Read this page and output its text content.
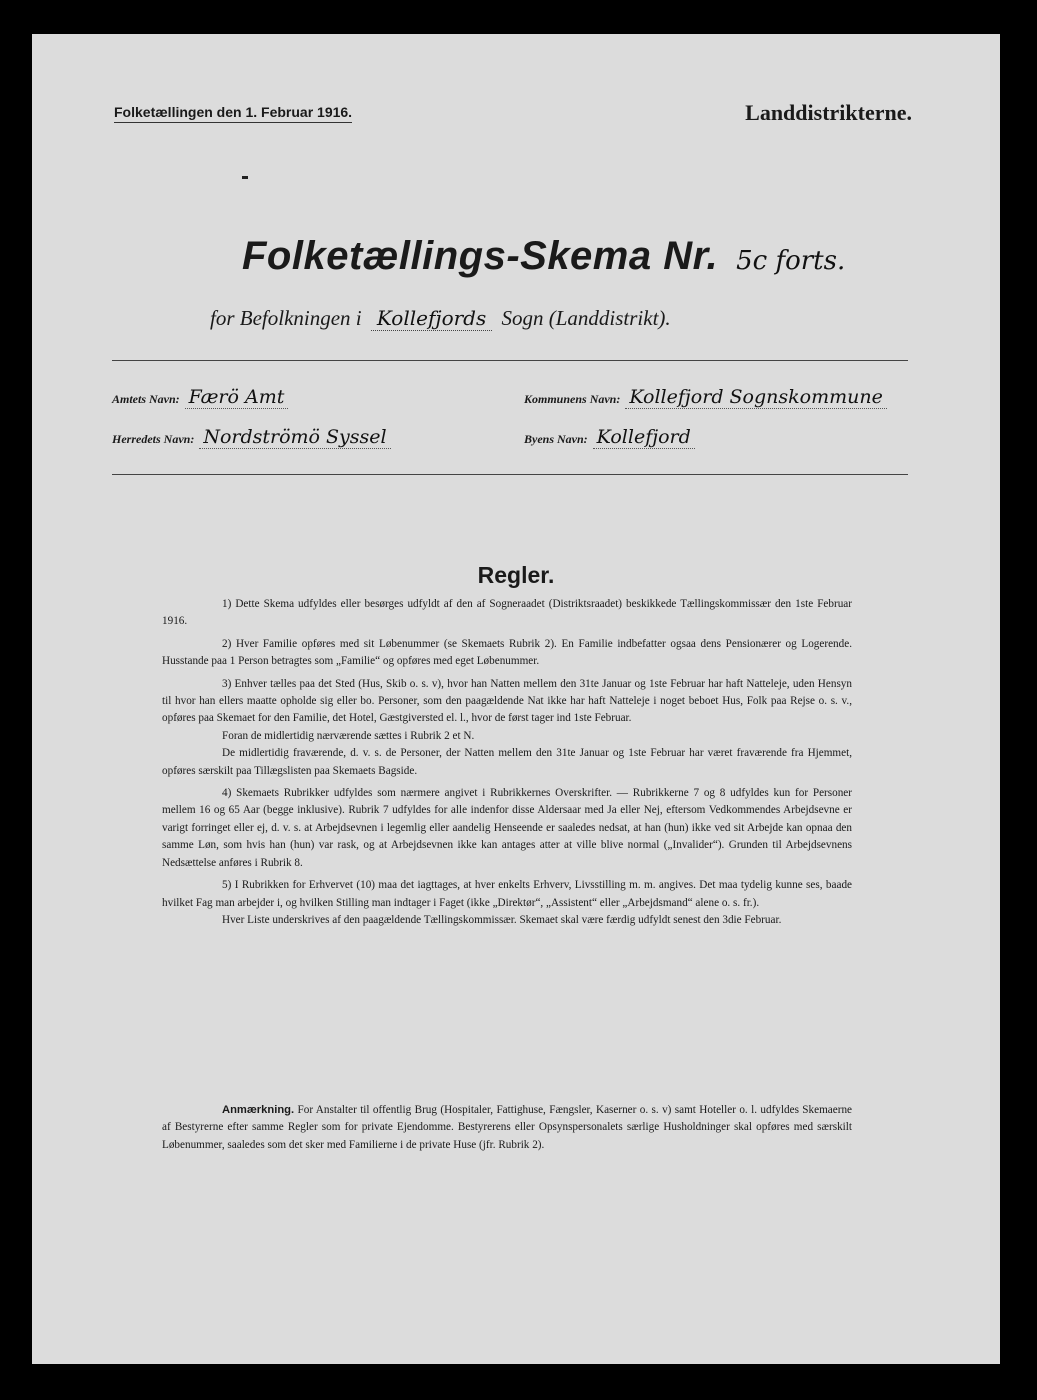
Folketællingen den 1. Februar 1916.	Landdistrikterne.
Folketællings-Skema Nr. 5c forts.
for Befolkningen i Kollefjords Sogn (Landdistrikt).
Amtets Navn: Færö Amt	Kommunens Navn: Kollefjord Sognskommune
Herredets Navn: Nordströmö Syssel	Byens Navn: Kollefjord
Regler.

1) Dette Skema udfyldes eller besørges udfyldt af den af Sogneraadet (Distriktsraadet) beskikkede Tællingskommissær den 1ste Februar 1916.

2) Hver Familie opføres med sit Løbenummer (se Skemaets Rubrik 2). En Familie indbefatter ogsaa dens Pensionærer og Logerende. Husstande paa 1 Person betragtes som „Familie“ og opføres med eget Løbenummer.

3) Enhver tælles paa det Sted (Hus, Skib o. s. v), hvor han Natten mellem den 31te Januar og 1ste Februar har haft Natteleje, uden Hensyn til hvor han ellers maatte opholde sig eller bo. Personer, som den paagældende Nat ikke har haft Natteleje i noget beboet Hus, Folk paa Rejse o. s. v., opføres paa Skemaet for den Familie, det Hotel, Gæstgiversted el. l., hvor de først tager ind 1ste Februar.

Foran de midlertidig nærværende sættes i Rubrik 2 et N.

De midlertidig fraværende, d. v. s. de Personer, der Natten mellem den 31te Januar og 1ste Februar har været fraværende fra Hjemmet, opføres særskilt paa Tillægslisten paa Skemaets Bagside.

4) Skemaets Rubrikker udfyldes som nærmere angivet i Rubrikkernes Overskrifter. — Rubrikkerne 7 og 8 udfyldes kun for Personer mellem 16 og 65 Aar (begge inklusive). Rubrik 7 udfyldes for alle indenfor disse Aldersaar med Ja eller Nej, eftersom Vedkommendes Arbejdsevne er varigt forringet eller ej, d. v. s. at Arbejdsevnen i legemlig eller aandelig Henseende er saaledes nedsat, at han (hun) ikke ved sit Arbejde kan opnaa den samme Løn, som hvis han (hun) var rask, og at Arbejdsevnen ikke kan antages atter at ville blive normal („Invalider“). Grunden til Arbejdsevnens Nedsættelse anføres i Rubrik 8.

5) I Rubrikken for Erhvervet (10) maa det iagttages, at hver enkelts Erhverv, Livsstilling m. m. angives. Det maa tydelig kunne ses, baade hvilket Fag man arbejder i, og hvilken Stilling man indtager i Faget (ikke „Direktør“, „Assistent“ eller „Arbejdsmand“ alene o. s. fr.).

Hver Liste underskrives af den paagældende Tællingskommissær. Skemaet skal være færdig udfyldt senest den 3die Februar.

Anmærkning. For Anstalter til offentlig Brug (Hospitaler, Fattighuse, Fængsler, Kaserner o. s. v) samt Hoteller o. l. udfyldes Skemaerne af Bestyrerne efter samme Regler som for private Ejendomme. Bestyrerens eller Opsynspersonalets særlige Husholdninger skal opføres med særskilt Løbenummer, saaledes som det sker med Familierne i de private Huse (jfr. Rubrik 2).
